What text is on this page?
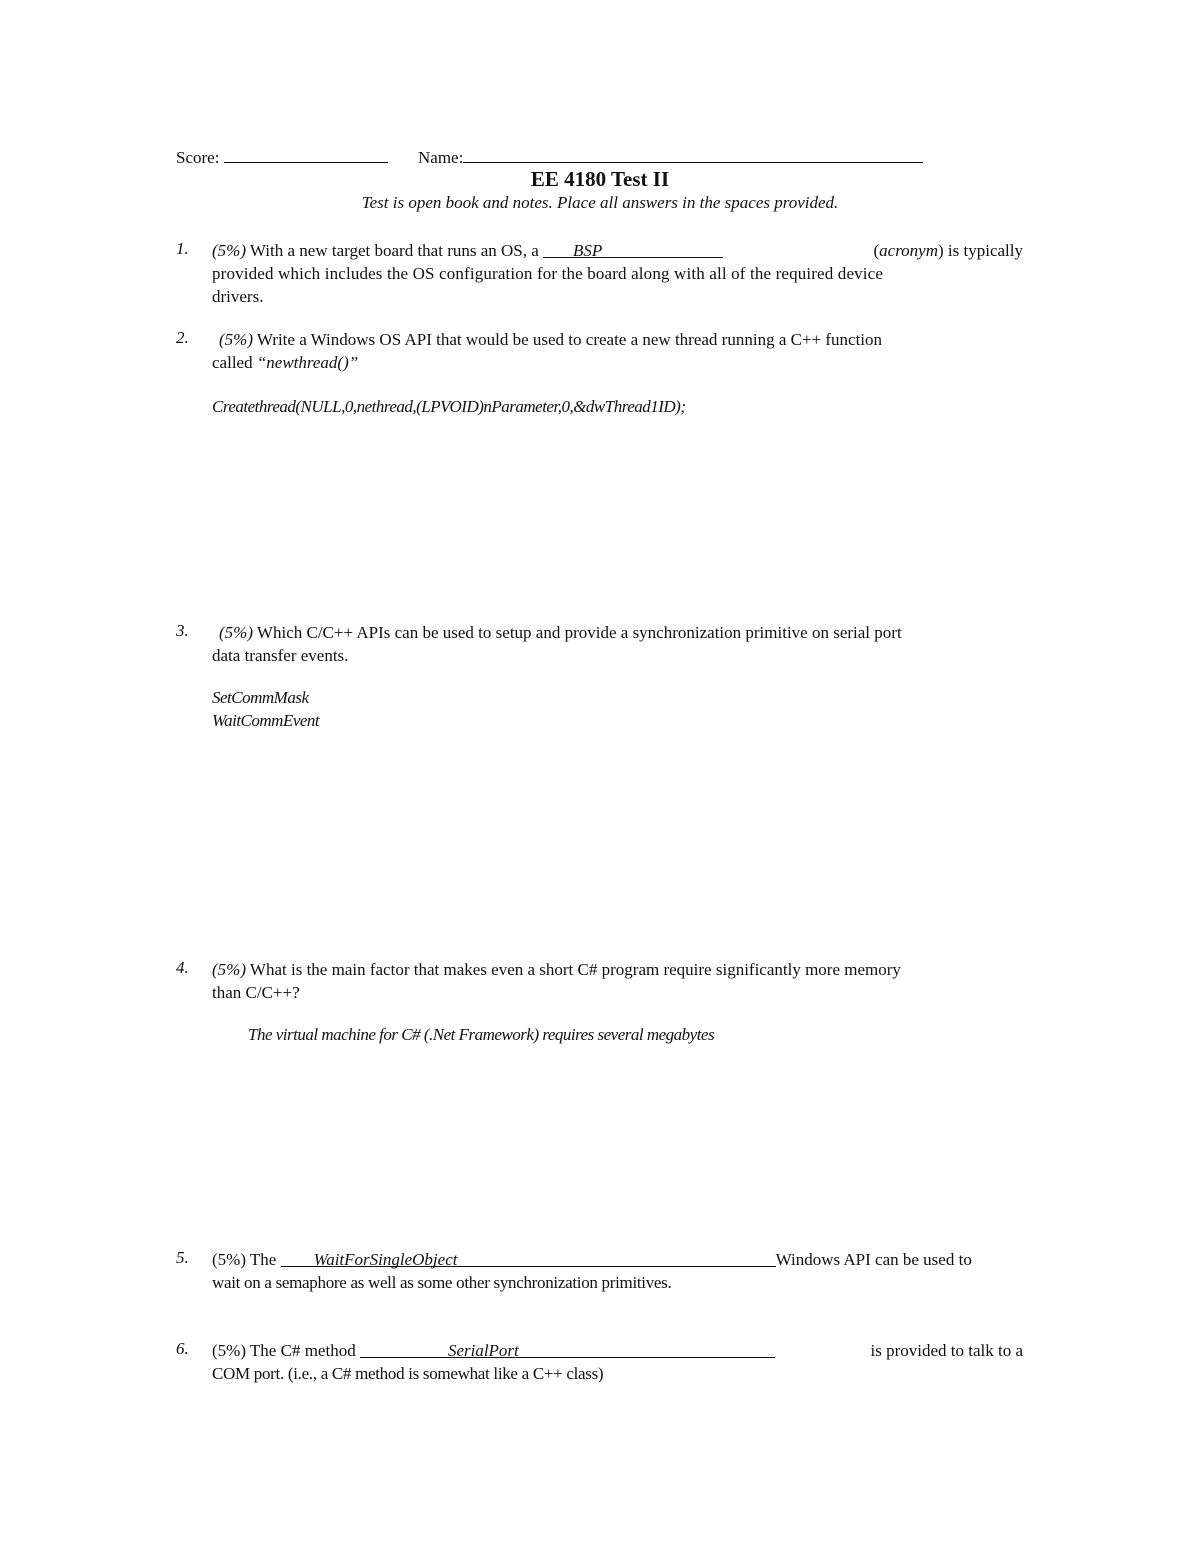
Score:	Name:
EE 4180 Test II
Test is open book and notes. Place all answers in the spaces provided.
1. (5%) With a new target board that runs an OS, a BSP	(acronym) is typically
provided which includes the OS configuration for the board along with all of the required device
drivers.
2.	(5%) Write a Windows OS API that would be used to create a new thread running a C++ function
called “newthread()”
Createthread(NULL,0,nethread,(LPVOID)nParameter,0,&dwThread1ID);
3.	(5%) Which C/C++ APIs can be used to setup and provide a synchronization primitive on serial port
data transfer events.
SetCommMask
WaitCommEvent
4. (5%) What is the main factor that makes even a short C# program require significantly more memory
than C/C++?
The virtual machine for C# (.Net Framework) requires several megabytes
5. (5%) The WaitForSingleObject	Windows API can be used to
wait on a semaphore as well as some other synchronization primitives.
6. (5%) The C# method	SerialPort	is provided to talk to a
COM port. (i.e., a C# method is somewhat like a C++ class)
